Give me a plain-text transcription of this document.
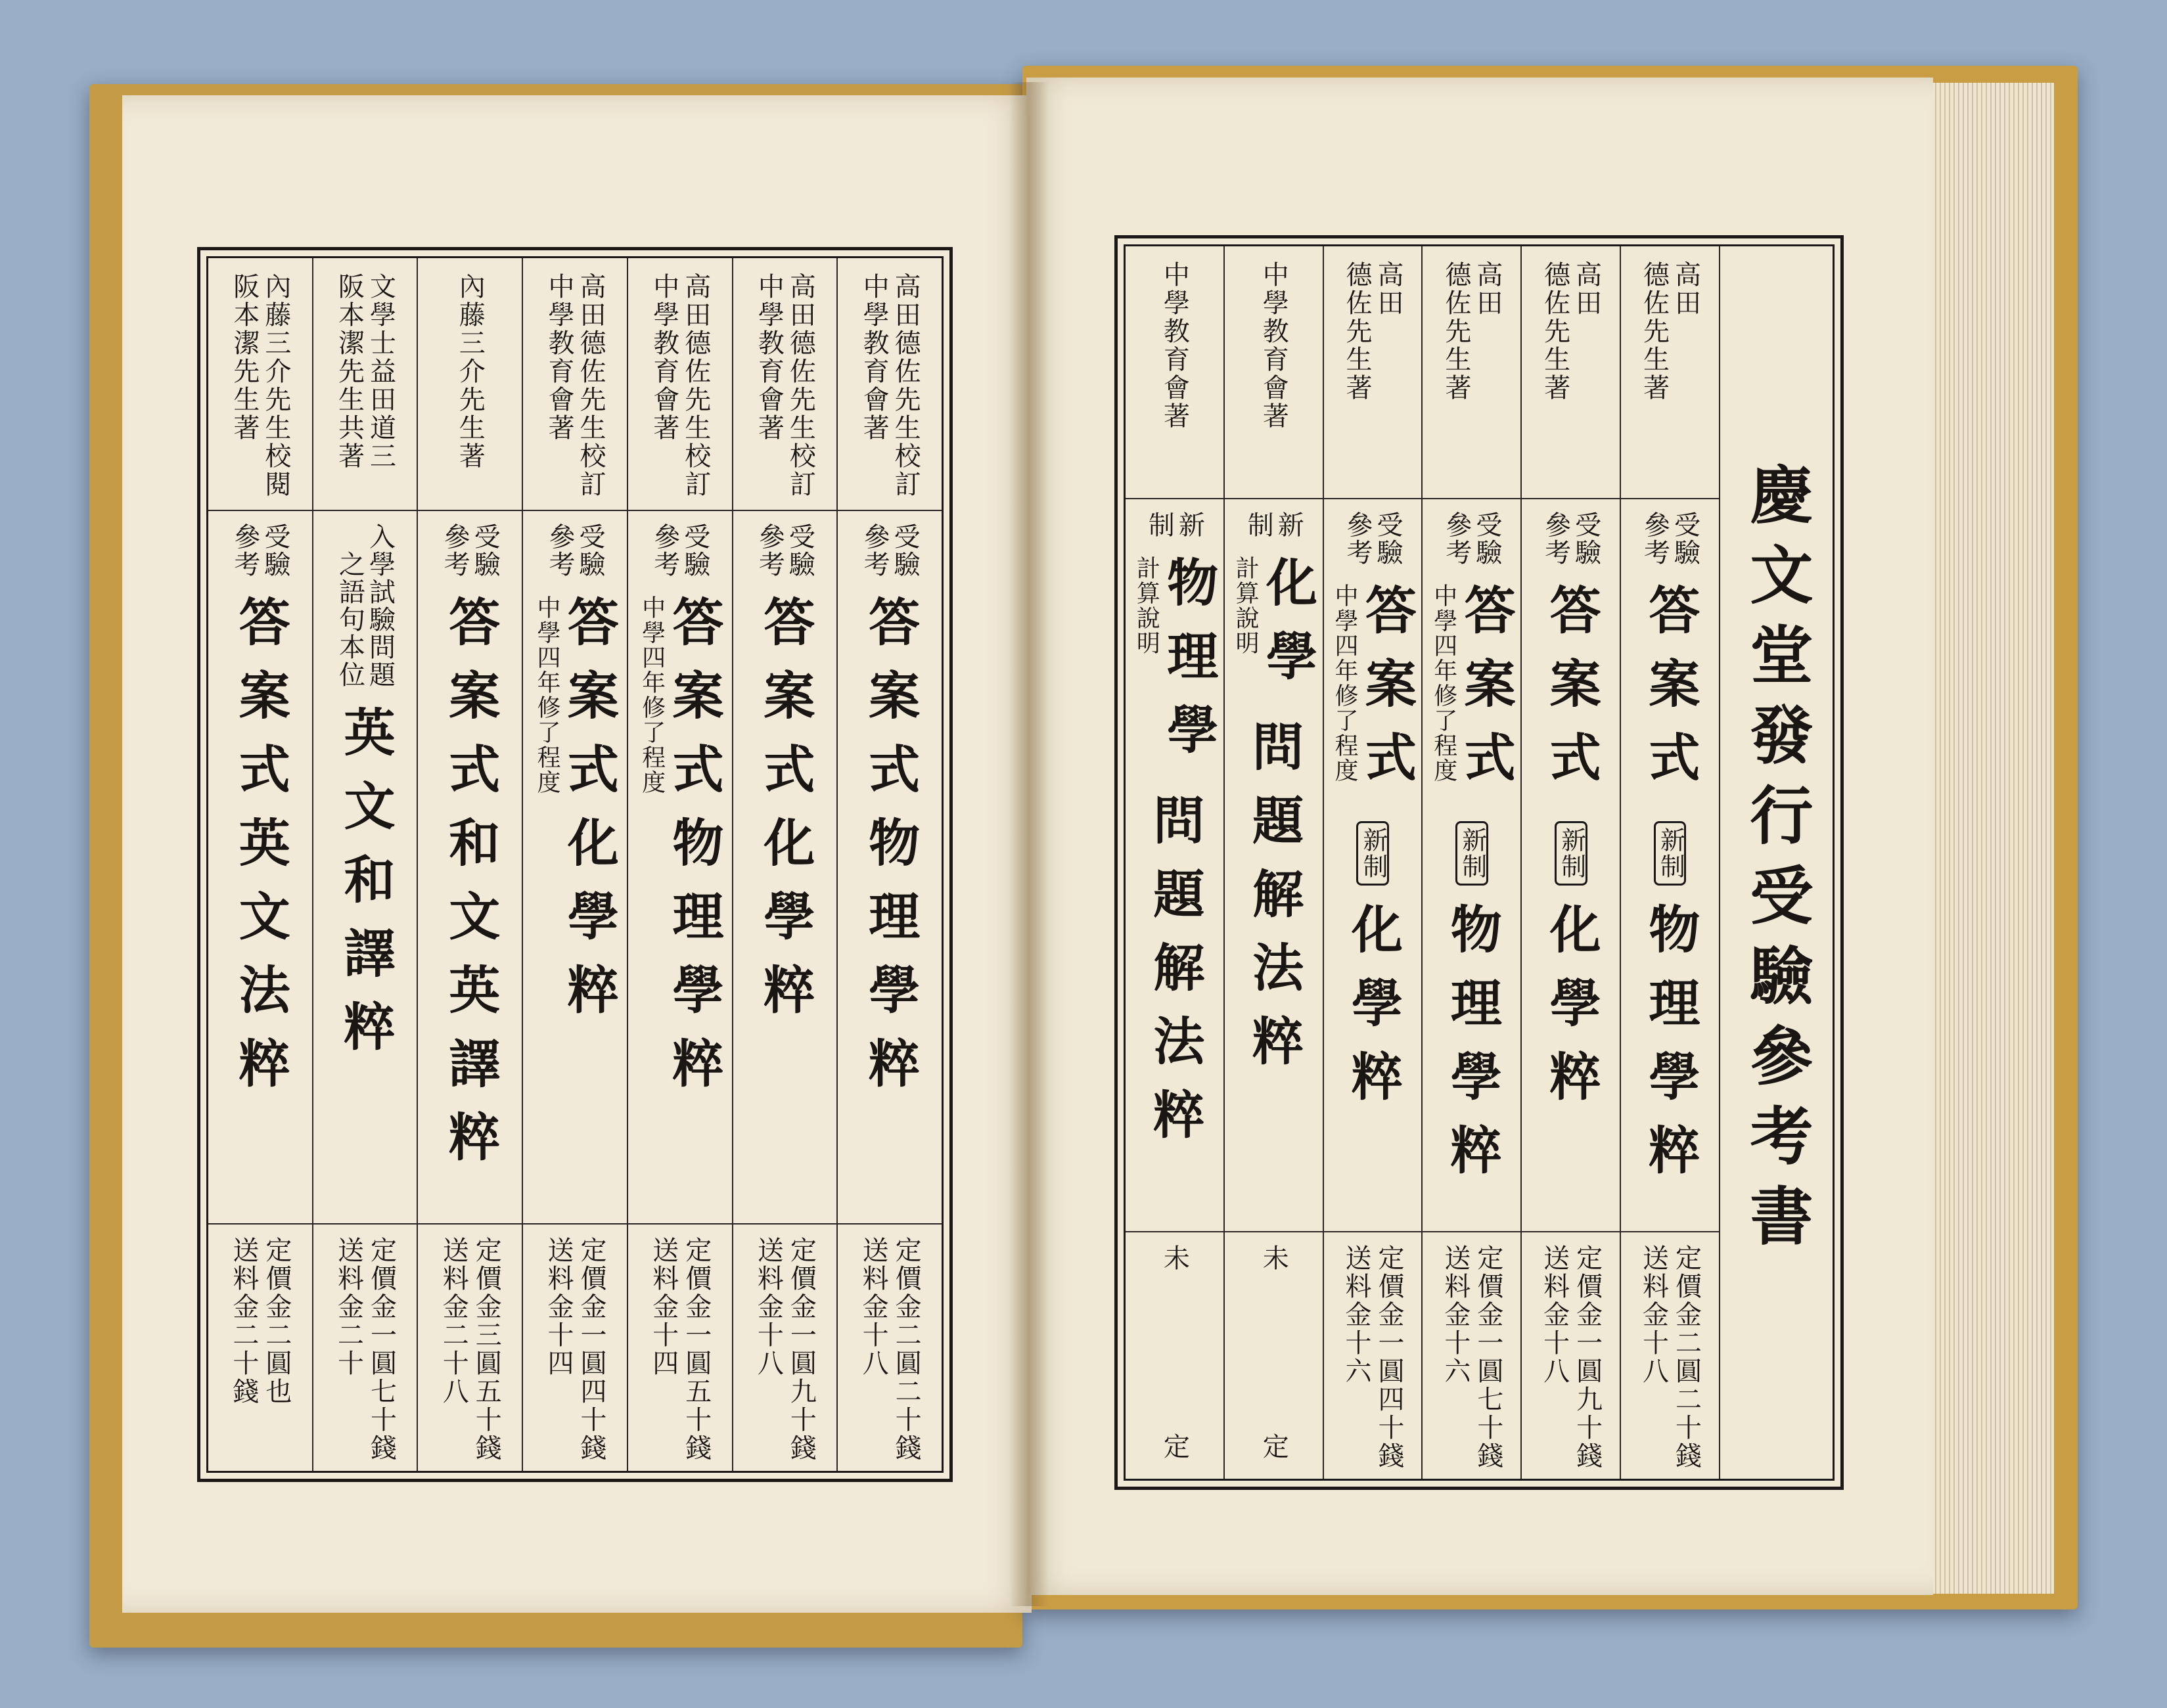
高田德佐先生校訂
中學教育會著
受驗
參考
答案式物理學粹
定價金二圓二十錢
送料金十八
高田德佐先生校訂
中學教育會著
受驗
參考
答案式化學粹
定價金一圓九十錢
送料金十八
高田德佐先生校訂
中學教育會著
受驗
參考
答案式物理學粹
中學四年修了程度
定價金一圓五十錢
送料金十四
高田德佐先生校訂
中學教育會著
受驗
參考
答案式化學粹
中學四年修了程度
定價金一圓四十錢
送料金十四
內藤三介先生著
受驗
參考
答案式和文英譯粹
定價金三圓五十錢
送料金二十八
文學士益田道三
阪本潔先生共著
入學試驗問題
之語句本位
英文和譯粹
定價金一圓七十錢
送料金二十
內藤三介先生校閱
阪本潔先生著
受驗
參考
答案式英文法粹
定價金二圓也
送料金二十錢
慶文堂發行受驗參考書
高田
德佐先生著
受驗
參考
答案式
新制
物理學粹
定價金二圓二十錢
送料金十八
高田
德佐先生著
受驗
參考
答案式
新制
化學粹
定價金一圓九十錢
送料金十八
高田
德佐先生著
受驗
參考
答案式
中學四年修了程度
新制
物理學粹
定價金一圓七十錢
送料金十六
高田
德佐先生著
受驗
參考
答案式
中學四年修了程度
新制
化學粹
定價金一圓四十錢
送料金十六
中學教育會著
新
制
化學
計算說明
問題解法粹
未
定
中學教育會著
新
制
物理學
計算說明
問題解法粹
未
定
